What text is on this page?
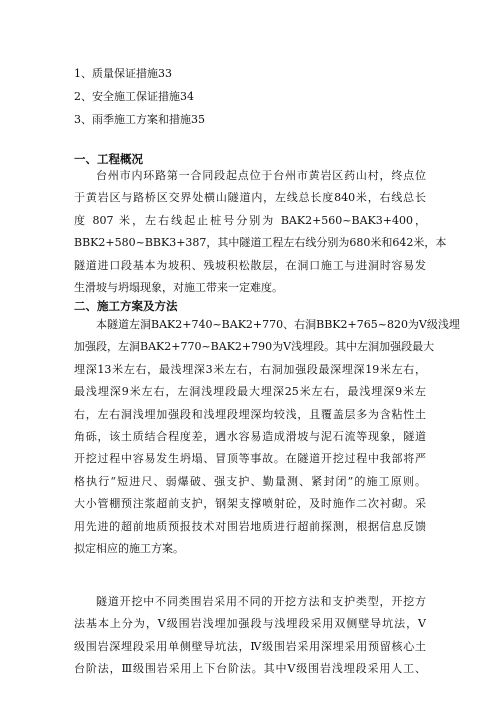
1、质量保证措施33
2、安全施工保证措施34
3、雨季施工方案和措施35
一、工程概况
台州市内环路第一合同段起点位于台州市黄岩区药山村，终点位
于黄岩区与路桥区交界处横山隧道内，左线总长度840米，右线总长
度 807 米，左右线起止桩号分别为 BAK2+560~BAK3+400，
BBK2+580~BBK3+387，其中隧道工程左右线分别为680米和642米，本
隧道进口段基本为坡积、残坡积松散层，在洞口施工与进洞时容易发
生滑坡与坍塌现象，对施工带来一定难度。
二、施工方案及方法
本隧道左洞BAK2+740~BAK2+770、右洞BBK2+765~820为Ⅴ级浅埋
加强段，左洞BAK2+770~BAK2+790为Ⅴ浅埋段。其中左洞加强段最大
埋深13米左右，最浅埋深3米左右，右洞加强段最深埋深19米左右，
最浅埋深9米左右，左洞浅埋段最大埋深25米左右，最浅埋深9米左
右，左右洞浅埋加强段和浅埋段埋深均较浅，且覆盖层多为含粘性土
角砾，该土质结合程度差，遇水容易造成滑坡与泥石流等现象，隧道
开挖过程中容易发生坍塌、冒顶等事故。在隧道开挖过程中我部将严
格执行“短进尺、弱爆破、强支护、勤量测、紧封闭”的施工原则。
大小管棚预注浆超前支护，钢架支撑喷射砼，及时施作二次衬砌。采
用先进的超前地质预报技术对围岩地质进行超前探测，根据信息反馈
拟定相应的施工方案。
隧道开挖中不同类围岩采用不同的开挖方法和支护类型，开挖方
法基本上分为，Ⅴ级围岩浅埋加强段与浅埋段采用双侧壁导坑法，Ⅴ
级围岩深埋段采用单侧壁导坑法，Ⅳ级围岩采用深埋采用预留核心土
台阶法，Ⅲ级围岩采用上下台阶法。其中Ⅴ级围岩浅埋段采用人工、
